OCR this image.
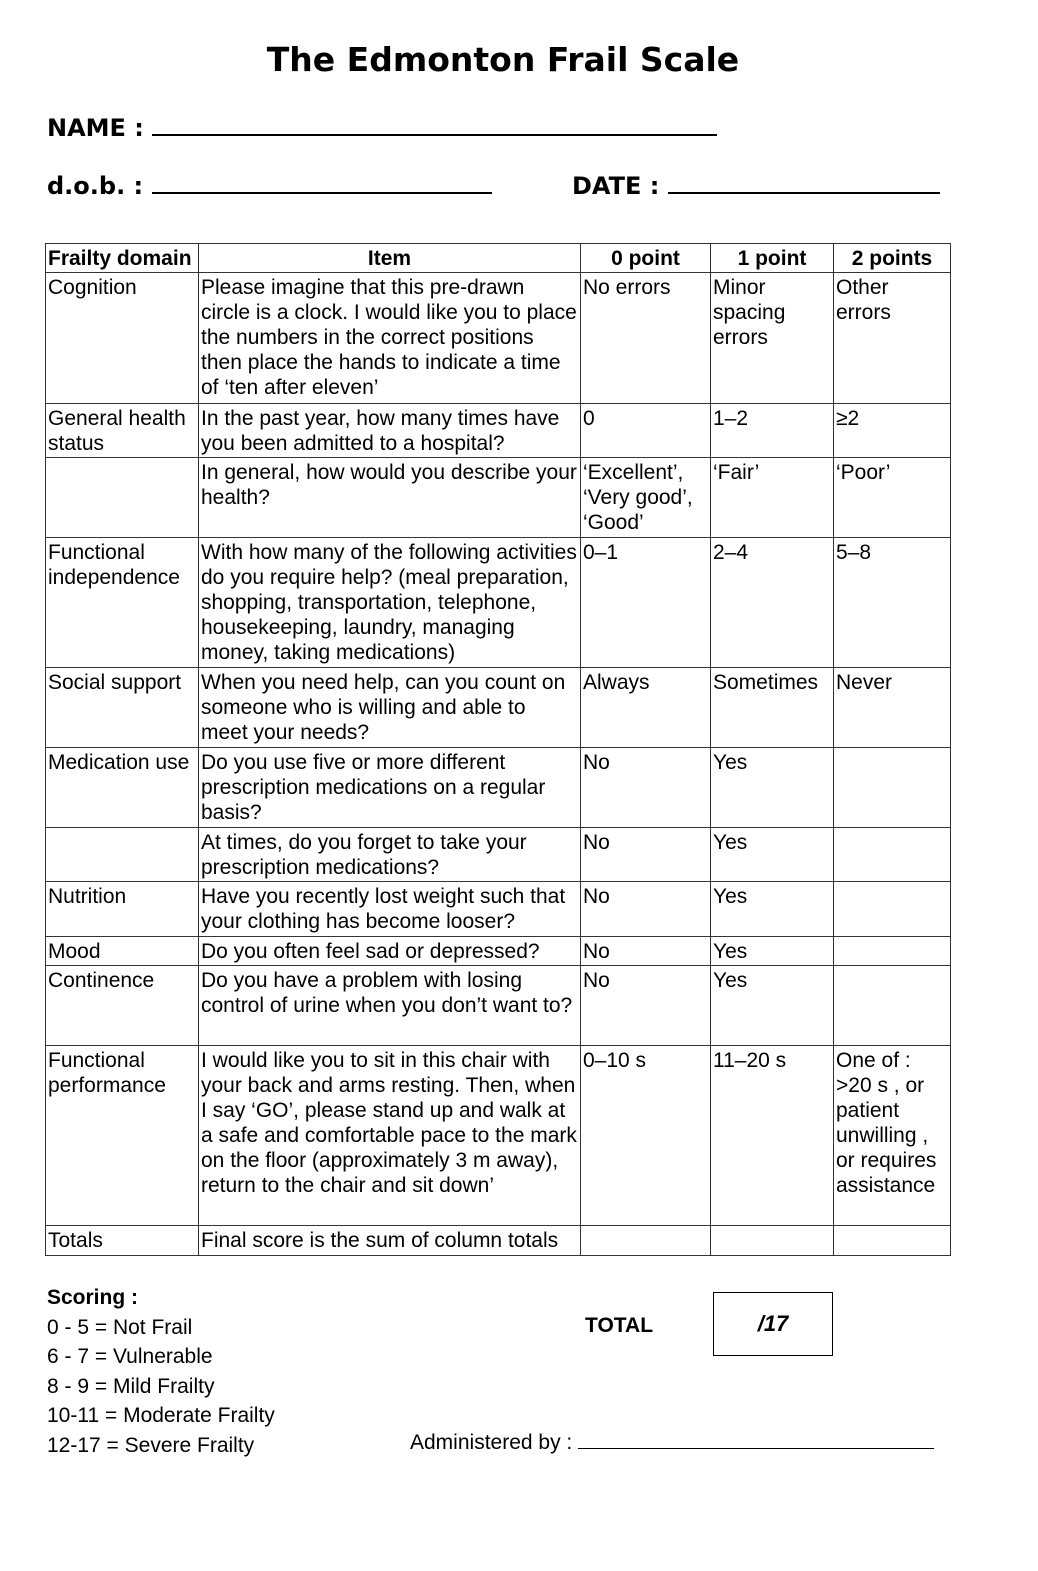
The Edmonton Frail Scale
NAME :
d.o.b. :	DATE :
Frailty domain	Item	0 point	1 point	2 points
Cognition	Please imagine that this pre-drawn circle is a clock. I would like you to place the numbers in the correct positions then place the hands to indicate a time of ‘ten after eleven’	No errors	Minor spacing errors	Other errors
General health status	In the past year, how many times have you been admitted to a hospital?	0	1–2	≥2
	In general, how would you describe your health?	‘Excellent’, ‘Very good’, ‘Good’	‘Fair’	‘Poor’
Functional independence	With how many of the following activities do you require help? (meal preparation, shopping, transportation, telephone, housekeeping, laundry, managing money, taking medications)	0–1	2–4	5–8
Social support	When you need help, can you count on someone who is willing and able to meet your needs?	Always	Sometimes	Never
Medication use	Do you use five or more different prescription medications on a regular basis?	No	Yes	
	At times, do you forget to take your prescription medications?	No	Yes	
Nutrition	Have you recently lost weight such that your clothing has become looser?	No	Yes	
Mood	Do you often feel sad or depressed?	No	Yes	
Continence	Do you have a problem with losing control of urine when you don’t want to?	No	Yes	
Functional performance	I would like you to sit in this chair with your back and arms resting. Then, when I say ‘GO’, please stand up and walk at a safe and comfortable pace to the mark on the floor (approximately 3 m away), return to the chair and sit down’	0–10 s	11–20 s	One of : >20 s , or patient unwilling , or requires assistance
Totals	Final score is the sum of column totals			
Scoring :
0 - 5 = Not Frail
6 - 7 = Vulnerable
8 - 9 = Mild Frailty
10-11 = Moderate Frailty
12-17 = Severe Frailty
TOTAL	/17
Administered by :
